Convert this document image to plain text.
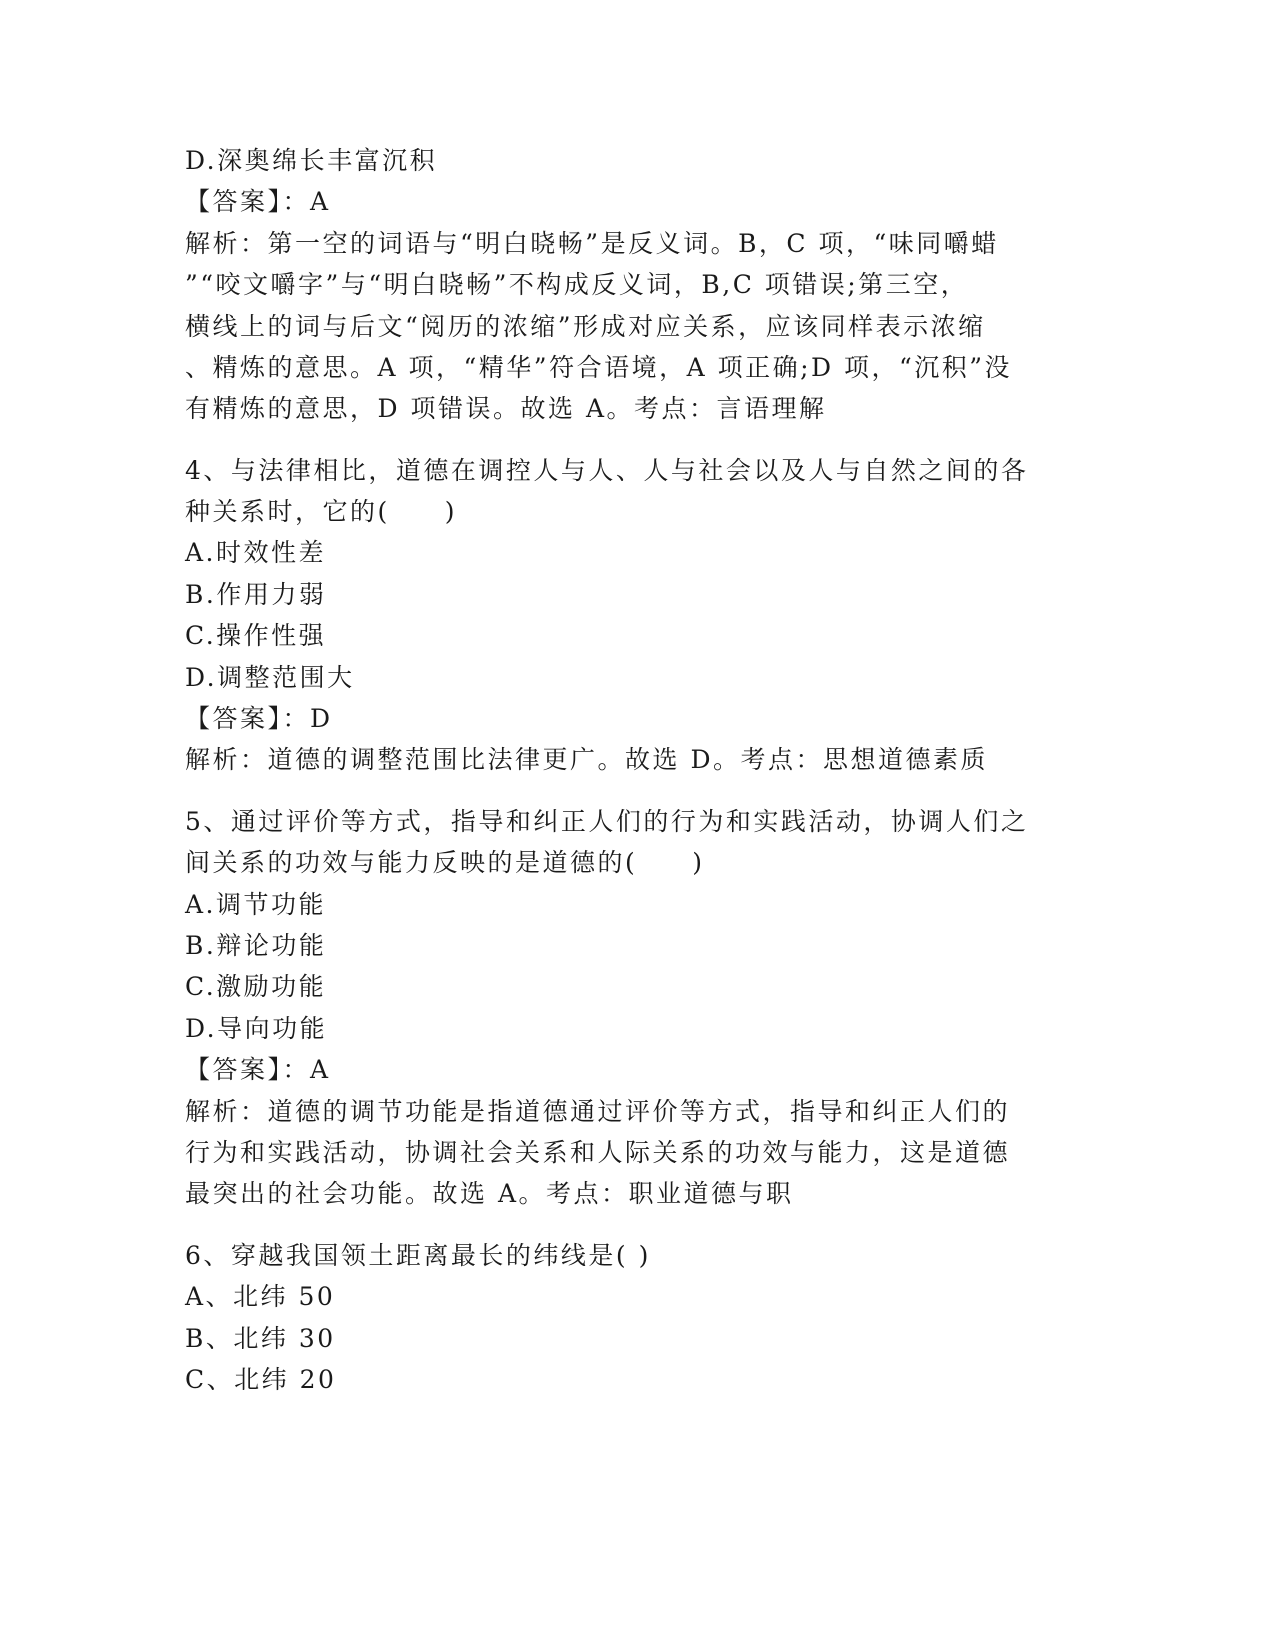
D.深奥绵长丰富沉积
【答案】：A
解析：第一空的词语与“明白晓畅”是反义词。B，C 项，“味同嚼蜡
”“咬文嚼字”与“明白晓畅”不构成反义词，B,C 项错误;第三空，
横线上的词与后文“阅历的浓缩”形成对应关系，应该同样表示浓缩
、精炼的意思。A 项，“精华”符合语境，A 项正确;D 项，“沉积”没
有精炼的意思，D 项错误。故选 A。考点：言语理解
4、与法律相比，道德在调控人与人、人与社会以及人与自然之间的各
种关系时，它的(　　)
A.时效性差
B.作用力弱
C.操作性强
D.调整范围大
【答案】：D
解析：道德的调整范围比法律更广。故选 D。考点：思想道德素质
5、通过评价等方式，指导和纠正人们的行为和实践活动，协调人们之
间关系的功效与能力反映的是道德的(　　)
A.调节功能
B.辩论功能
C.激励功能
D.导向功能
【答案】：A
解析：道德的调节功能是指道德通过评价等方式，指导和纠正人们的
行为和实践活动，协调社会关系和人际关系的功效与能力，这是道德
最突出的社会功能。故选 A。考点：职业道德与职
6、穿越我国领土距离最长的纬线是( )
A、北纬 50
B、北纬 30
C、北纬 20
